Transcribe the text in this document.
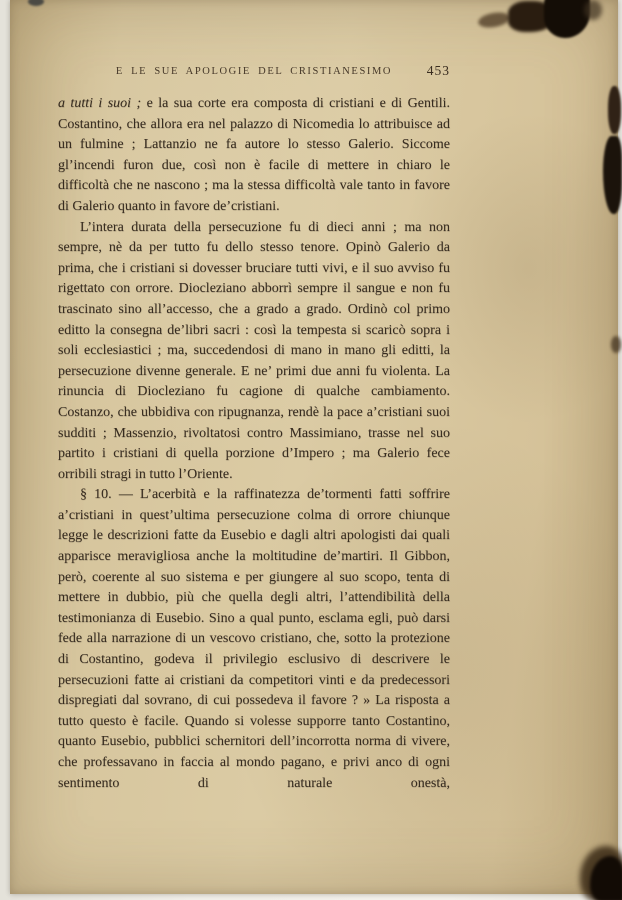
E LE SUE APOLOGIE DEL CRISTIANESIMO	453

a tutti i suoi ; e la sua corte era composta di cristiani e di Gentili. Costantino, che allora era nel palazzo di Nicomedia lo attribuisce ad un fulmine ; Lattanzio ne fa autore lo stesso Galerio. Siccome gl’incendi furon due, così non è facile di mettere in chiaro le difficoltà che ne nascono ; ma la stessa difficoltà vale tanto in favore di Galerio quanto in favore de’cristiani.

L’intera durata della persecuzione fu di dieci anni ; ma non sempre, nè da per tutto fu dello stesso tenore. Opinò Galerio da prima, che i cristiani si dovesser bruciare tutti vivi, e il suo avviso fu rigettato con orrore. Diocleziano abborrì sempre il sangue e non fu trascinato sino all’accesso, che a grado a grado. Ordinò col primo editto la consegna de’libri sacri : così la tempesta si scaricò sopra i soli ecclesiastici ; ma, succedendosi di mano in mano gli editti, la persecuzione divenne generale. E ne’ primi due anni fu violenta. La rinuncia di Diocleziano fu cagione di qualche cambiamento. Costanzo, che ubbidiva con ripugnanza, rendè la pace a’cristiani suoi sudditi ; Massenzio, rivoltatosi contro Massimiano, trasse nel suo partito i cristiani di quella porzione d’Impero ; ma Galerio fece orribili stragi in tutto l’Oriente.

§ 10. — L’acerbità e la raffinatezza de’tormenti fatti soffrire a’cristiani in quest’ultima persecuzione colma di orrore chiunque legge le descrizioni fatte da Eusebio e dagli altri apologisti dai quali apparisce meravigliosa anche la moltitudine de’martiri. Il Gibbon, però, coerente al suo sistema e per giungere al suo scopo, tenta di mettere in dubbio, più che quella degli altri, l’attendibilità della testimonianza di Eusebio. Sino a qual punto, esclama egli, può darsi fede alla narrazione di un vescovo cristiano, che, sotto la protezione di Costantino, godeva il privilegio esclusivo di descrivere le persecuzioni fatte ai cristiani da competitori vinti e da predecessori dispregiati dal sovrano, di cui possedeva il favore ? » La risposta a tutto questo è facile. Quando si volesse supporre tanto Costantino, quanto Eusebio, pubblici schernitori dell’incorrotta norma di vivere, che professavano in faccia al mondo pagano, e privi anco di ogni sentimento di naturale onestà,
